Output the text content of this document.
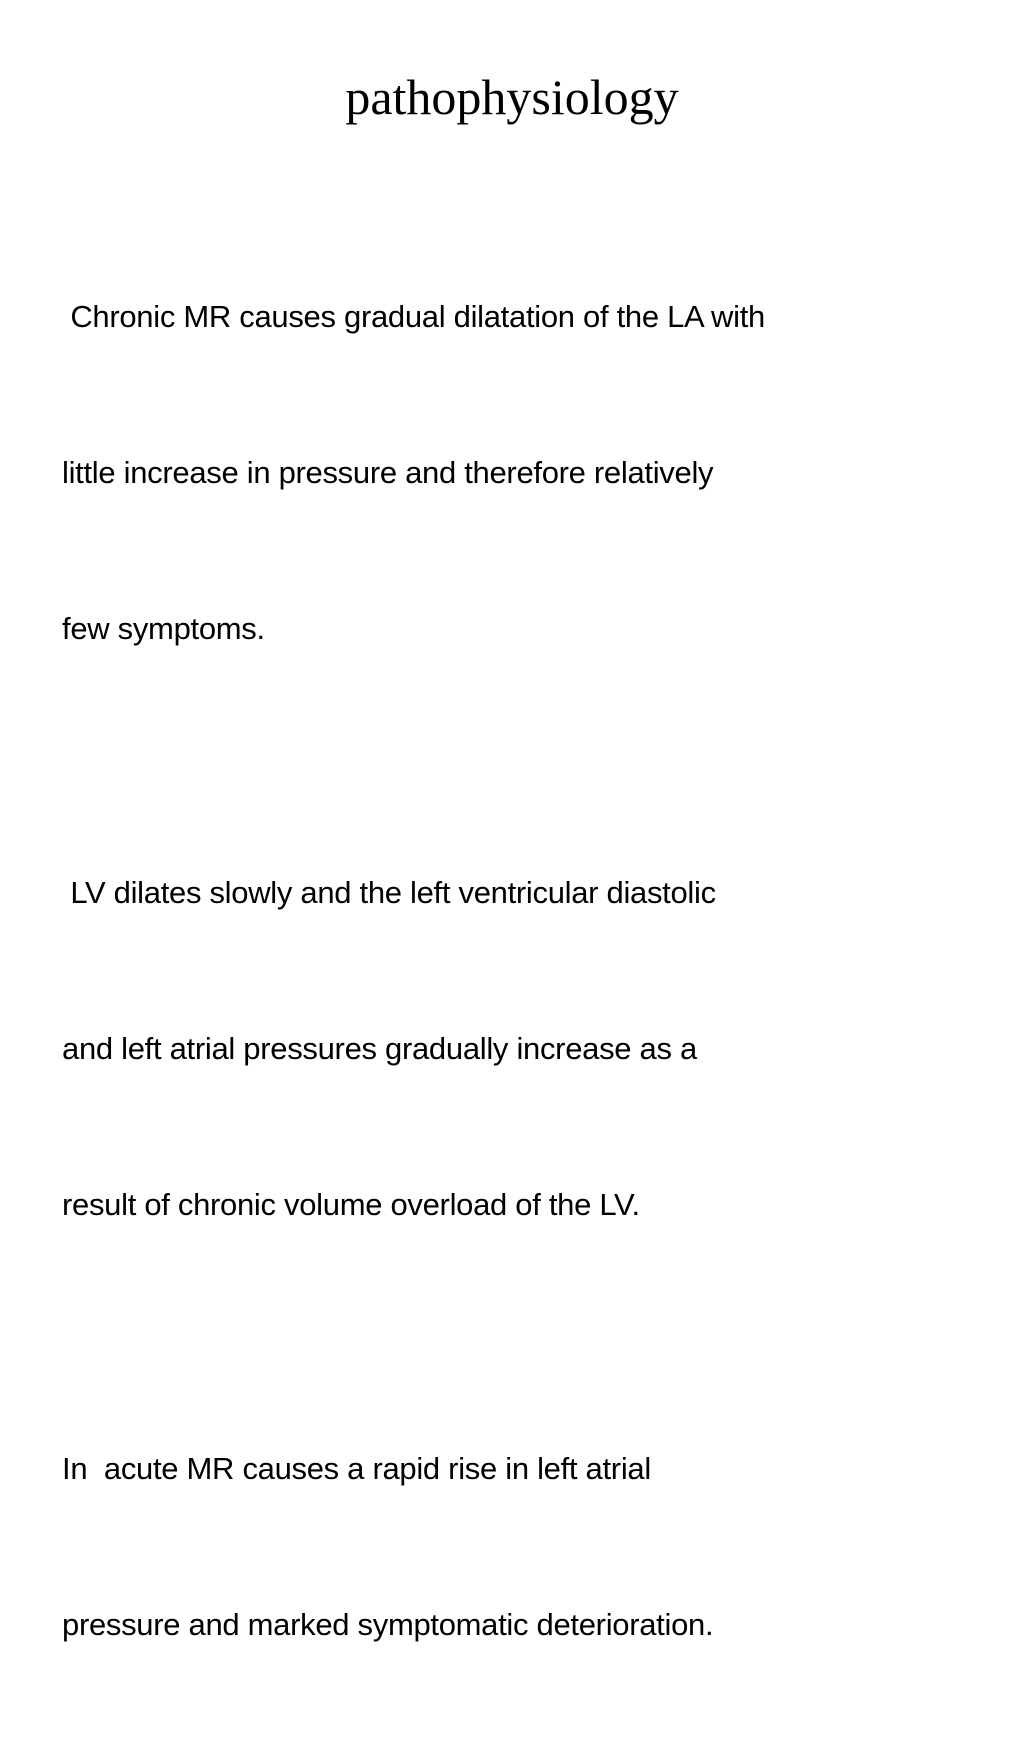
pathophysiology

Chronic MR causes gradual dilatation of the LA with

little increase in pressure and therefore relatively

few symptoms.

LV dilates slowly and the left ventricular diastolic

and left atrial pressures gradually increase as a

result of chronic volume overload of the LV.

In  acute MR causes a rapid rise in left atrial

pressure and marked symptomatic deterioration.
